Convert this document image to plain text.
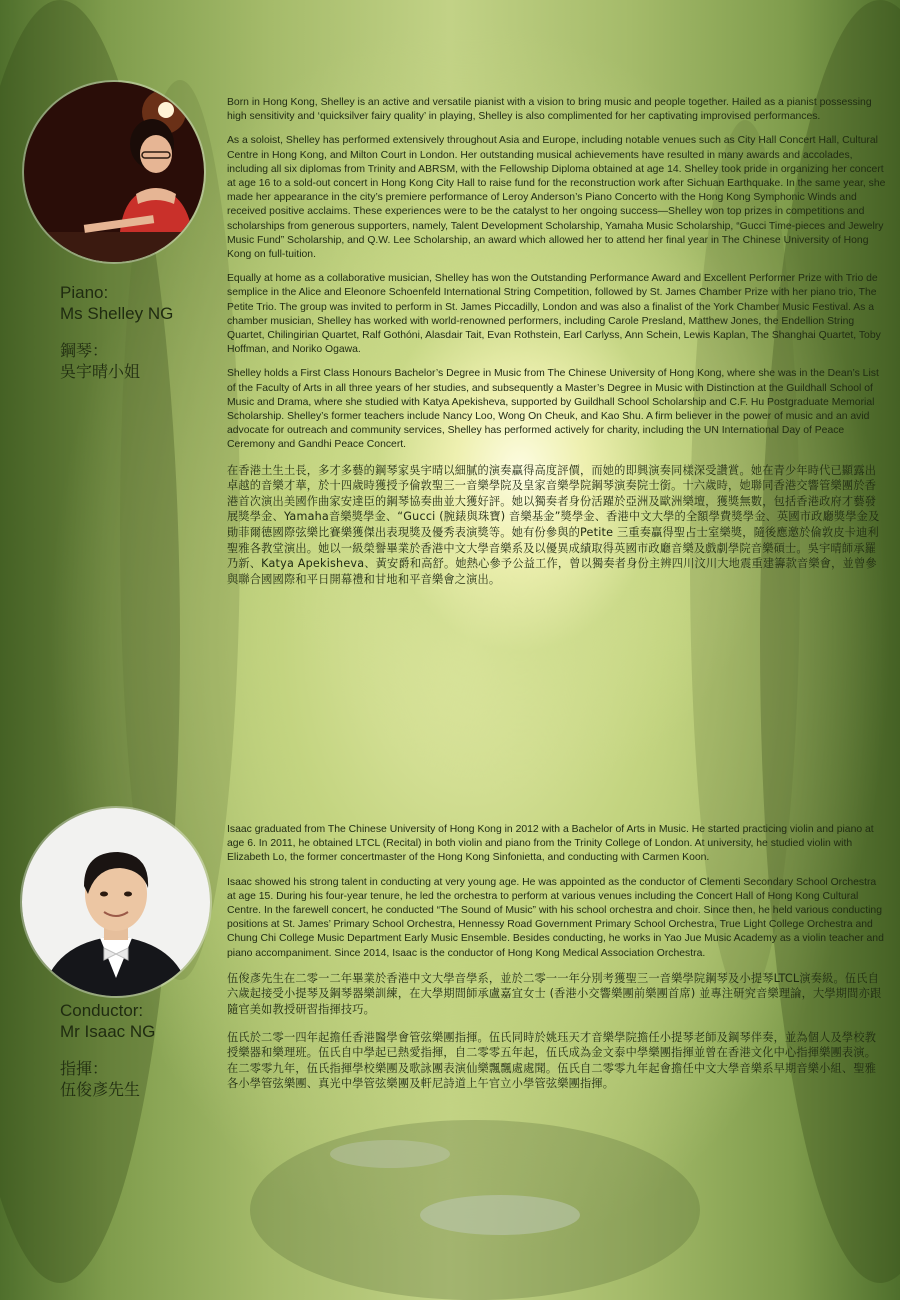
Piano:
Ms Shelley NG
鋼琴：
吳宇晴小姐

Born in Hong Kong, Shelley is an active and versatile pianist with a vision to bring music and people together. Hailed as a pianist possessing high sensitivity and ‘quicksilver fairy quality’ in playing, Shelley is also complimented for her captivating improvised performances.

As a soloist, Shelley has performed extensively throughout Asia and Europe, including notable venues such as City Hall Concert Hall, Cultural Centre in Hong Kong, and Milton Court in London. Her outstanding musical achievements have resulted in many awards and accolades, including all six diplomas from Trinity and ABRSM, with the Fellowship Diploma obtained at age 14. Shelley took pride in organizing her concert at age 16 to a sold-out concert in Hong Kong City Hall to raise fund for the reconstruction work after Sichuan Earthquake. In the same year, she made her appearance in the city’s premiere performance of Leroy Anderson’s Piano Concerto with the Hong Kong Symphonic Winds and received positive acclaims. These experiences were to be the catalyst to her ongoing success—Shelley won top prizes in competitions and scholarships from generous supporters, namely, Talent Development Scholarship, Yamaha Music Scholarship, “Gucci Time-pieces and Jewelry Music Fund” Scholarship, and Q.W. Lee Scholarship, an award which allowed her to attend her final year in The Chinese University of Hong Kong on full-tuition.

Equally at home as a collaborative musician, Shelley has won the Outstanding Performance Award and Excellent Performer Prize with Trio de semplice in the Alice and Eleonore Schoenfeld International String Competition, followed by St. James Chamber Prize with her piano trio, The Petite Trio. The group was invited to perform in St. James Piccadilly, London and was also a finalist of the York Chamber Music Festival. As a chamber musician, Shelley has worked with world-renowned performers, including Carole Presland, Matthew Jones, the Endellion String Quartet, Chilingirian Quartet, Ralf Gothóni, Alasdair Tait, Evan Rothstein, Earl Carlyss, Ann Schein, Lewis Kaplan, The Shanghai Quartet, Toby Hoffman, and Noriko Ogawa.

Shelley holds a First Class Honours Bachelor’s Degree in Music from The Chinese University of Hong Kong, where she was in the Dean’s List of the Faculty of Arts in all three years of her studies, and subsequently a Master’s Degree in Music with Distinction at the Guildhall School of Music and Drama, where she studied with Katya Apekisheva, supported by Guildhall School Scholarship and C.F. Hu Postgraduate Memorial Scholarship. Shelley’s former teachers include Nancy Loo, Wong On Cheuk, and Kao Shu. A firm believer in the power of music and an avid advocate for outreach and community services, Shelley has performed actively for charity, including the UN International Day of Peace Ceremony and Gandhi Peace Concert.

在香港土生土長，多才多藝的鋼琴家吳宇晴以細膩的演奏贏得高度評價，而她的即興演奏同樣深受讚賞。她在青少年時代已顯露出卓越的音樂才華，於十四歲時獲授予倫敦聖三一音樂學院及皇家音樂學院鋼琴演奏院士銜。十六歲時，她聯同香港交響管樂團於香港首次演出美國作曲家安達臣的鋼琴協奏曲並大獲好評。她以獨奏者身份活躍於亞洲及歐洲樂壇，獲獎無數，包括香港政府才藝發展獎學金、Yamaha音樂獎學金、“Gucci (腕錶與珠寶) 音樂基金”獎學金、香港中文大學的全額學費獎學金、英國市政廳獎學金及勛菲爾德國際弦樂比賽樂獲傑出表現獎及優秀表演獎等。她有份參與的Petite 三重奏贏得聖占士室樂獎，隨後應邀於倫敦皮卡迪利聖雅各教堂演出。她以一級榮譽畢業於香港中文大學音樂系及以優異成績取得英國市政廳音樂及戲劇學院音樂碩士。吳宇晴師承羅乃新、Katya Apekisheva、黃安爵和高舒。她熱心參予公益工作，曾以獨奏者身份主辨四川汶川大地震重建籌款音樂會，並曾參與聯合國國際和平日開幕禮和甘地和平音樂會之演出。

Conductor:
Mr Isaac NG
指揮：
伍俊彥先生

Isaac graduated from The Chinese University of Hong Kong in 2012 with a Bachelor of Arts in Music. He started practicing violin and piano at age 6. In 2011, he obtained LTCL (Recital) in both violin and piano from the Trinity College of London. At university, he studied violin with Elizabeth Lo, the former concertmaster of the Hong Kong Sinfonietta, and conducting with Carmen Koon.

Isaac showed his strong talent in conducting at very young age. He was appointed as the conductor of Clementi Secondary School Orchestra at age 15. During his four-year tenure, he led the orchestra to perform at various venues including the Concert Hall of Hong Kong Cultural Centre. In the farewell concert, he conducted “The Sound of Music” with his school orchestra and choir. Since then, he held various conducting positions at St. James’ Primary School Orchestra, Hennessy Road Government Primary School Orchestra, True Light College Orchestra and Chung Chi College Music Department Early Music Ensemble. Besides conducting, he works in Yao Jue Music Academy as a violin teacher and piano accompaniment. Since 2014, Isaac is the conductor of Hong Kong Medical Association Orchestra.

伍俊彥先生在二零一二年畢業於香港中文大學音學系，並於二零一一年分別考獲聖三一音樂學院鋼琴及小提琴LTCL演奏級。伍氏自六歲起接受小提琴及鋼琴器樂訓練，在大學期間師承盧嘉宜女士 (香港小交響樂團前樂團首席) 並專注研究音樂理論，大學期間亦跟隨官美如教授研習指揮技巧。

伍氏於二零一四年起擔任香港醫學會管弦樂團指揮。伍氏同時於姚珏天才音樂學院擔任小提琴老師及鋼琴伴奏，並為個人及學校教授樂器和樂理班。伍氏自中學起已熱愛指揮，自二零零五年起，伍氏成為金文泰中學樂團指揮並曾在香港文化中心指揮樂團表演。在二零零九年，伍氏指揮學校樂團及歌詠團表演仙樂飄飄處處聞。伍氏自二零零九年起會擔任中文大學音樂系早期音樂小組、聖雅各小學管弦樂團、真光中學管弦樂團及軒尼詩道上午官立小學管弦樂團指揮。
